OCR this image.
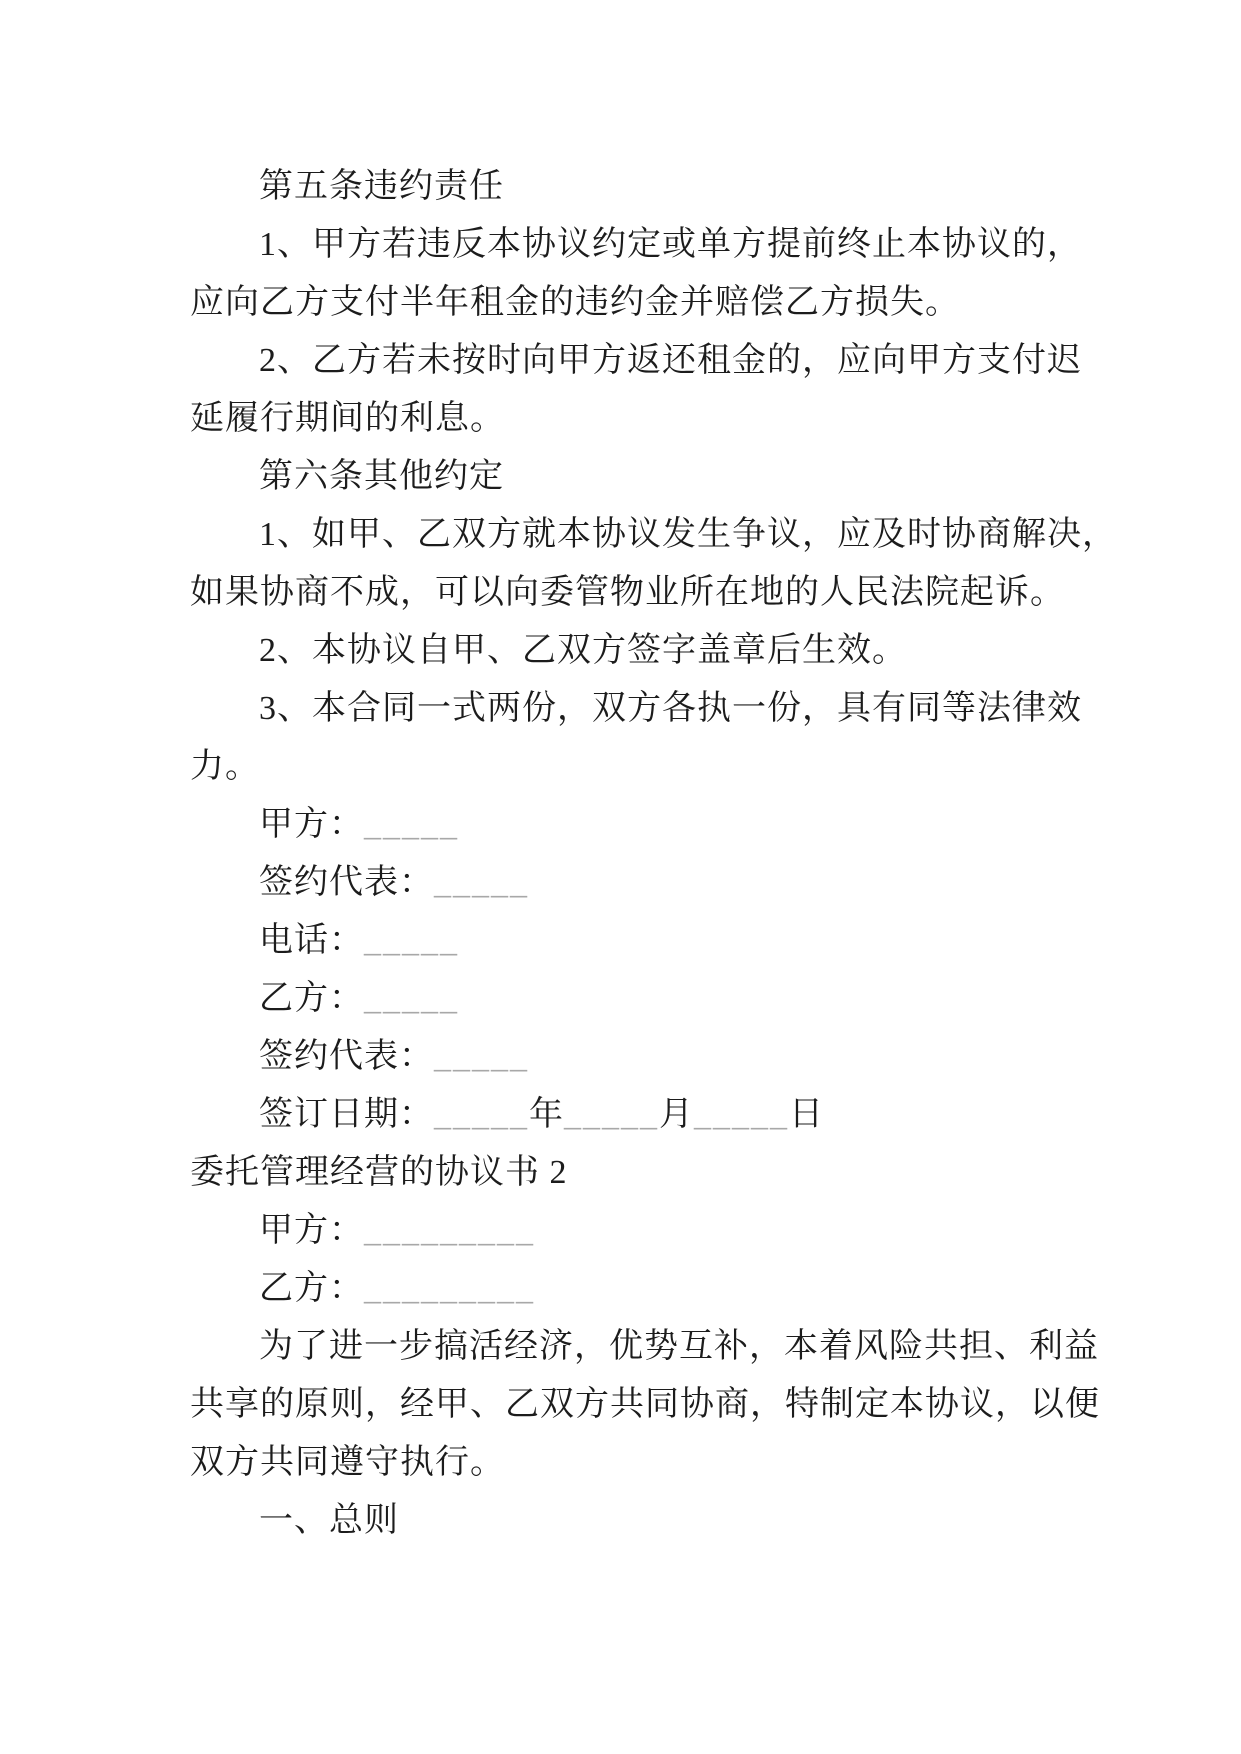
第五条违约责任
1、甲方若违反本协议约定或单方提前终止本协议的，
应向乙方支付半年租金的违约金并赔偿乙方损失。
2、乙方若未按时向甲方返还租金的，应向甲方支付迟
延履行期间的利息。
第六条其他约定
1、如甲、乙双方就本协议发生争议，应及时协商解决，
如果协商不成，可以向委管物业所在地的人民法院起诉。
2、本协议自甲、乙双方签字盖章后生效。
3、本合同一式两份，双方各执一份，具有同等法律效
力。
甲方：_____
签约代表：_____
电话：_____
乙方：_____
签约代表：_____
签订日期：_____年_____月_____日
委托管理经营的协议书 2
甲方：_________
乙方：_________
为了进一步搞活经济，优势互补，本着风险共担、利益
共享的原则，经甲、乙双方共同协商，特制定本协议，以便
双方共同遵守执行。
一、总则
